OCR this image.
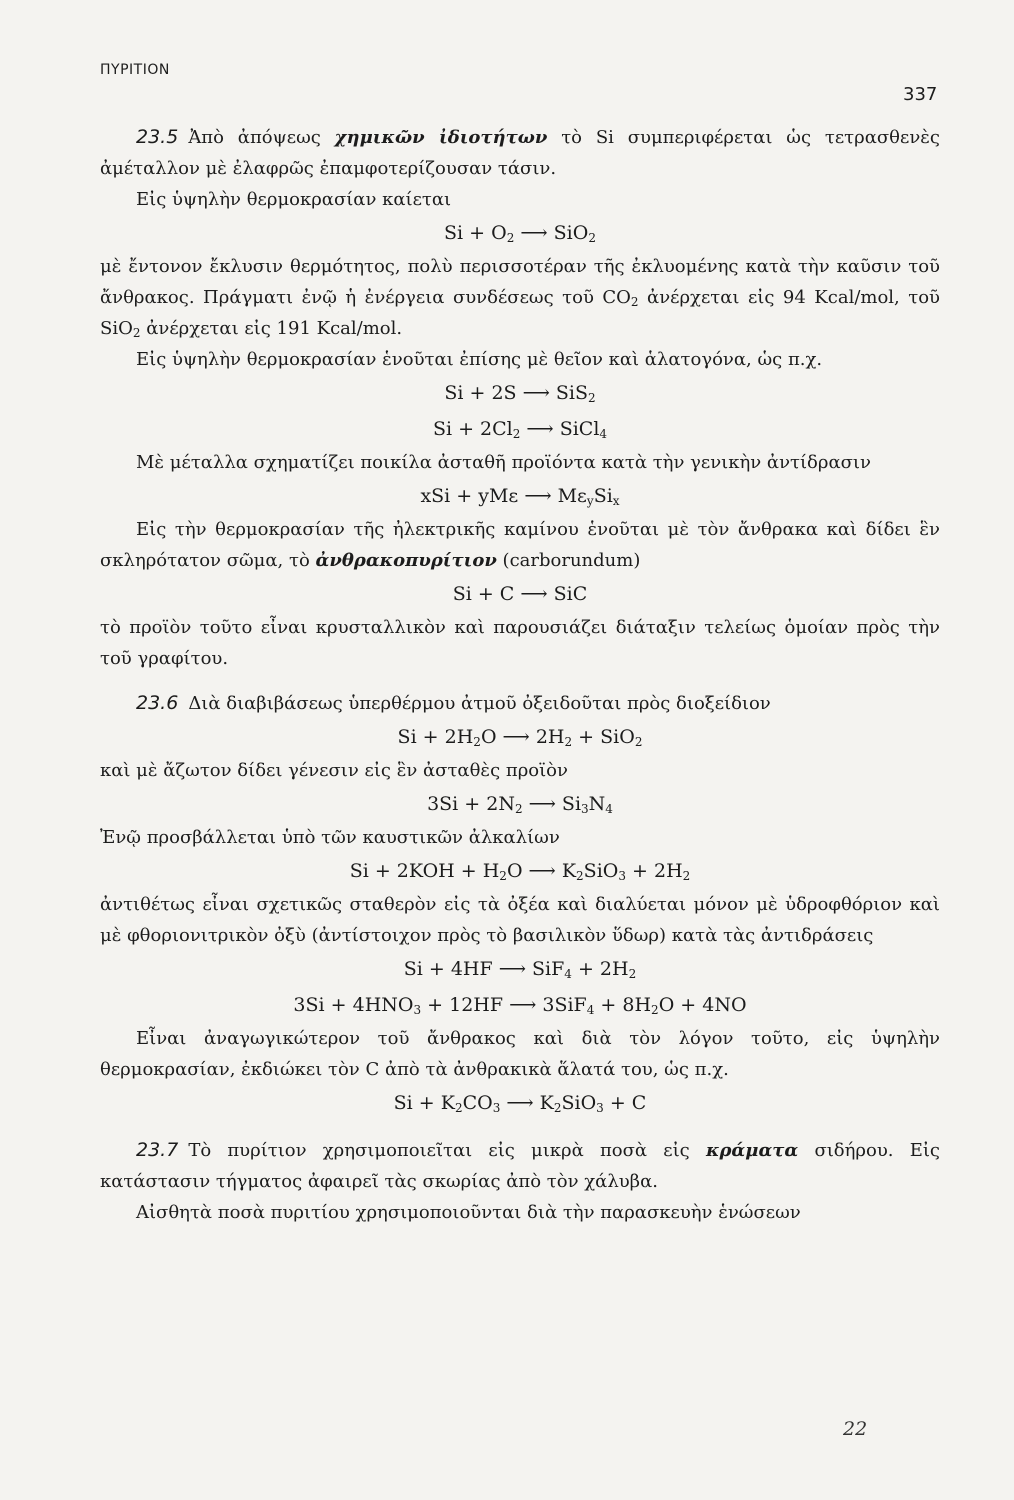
ΠΥΡΙΤΙΟΝ
337

23.5 Ἀπὸ ἀπόψεως χημικῶν ἰδιοτήτων τὸ Si συμπεριφέρεται ὡς τετρασθενὲς ἀμέταλλον μὲ ἐλαφρῶς ἐπαμφοτερίζουσαν τάσιν.

Εἰς ὑψηλὴν θερμοκρασίαν καίεται

$Si + O_2$ ⟶ SiO$_2$

μὲ ἔντονον ἔκλυσιν θερμότητος, πολὺ περισσοτέραν τῆς ἐκλυομένης κατὰ τὴν καῦσιν τοῦ ἄνθρακος. Πράγματι ἐνῷ ἡ ἐνέργεια συνδέσεως τοῦ $CO_2$ ἀνέρχεται εἰς 94 Kcal/mol, τοῦ SiO$_2$ ἀνέρχεται εἰς 191 Kcal/mol.

Εἰς ὑψηλὴν θερμοκρασίαν ἑνοῦται ἐπίσης μὲ θεῖον καὶ ἁλατογόνα, ὡς π.χ.

Si + 2S ⟶ SiS$_2$
$Si + 2Cl_2$ ⟶ SiCl$_4$

Μὲ μέταλλα σχηματίζει ποικίλα ἀσταθῆ προϊόντα κατὰ τὴν γενικὴν ἀντίδρασιν

xSi + yMε ⟶ $M\varepsilon_ySi_x$

Εἰς τὴν θερμοκρασίαν τῆς ἠλεκτρικῆς καμίνου ἑνοῦται μὲ τὸν ἄνθρακα καὶ δίδει ἓν σκληρότατον σῶμα, τὸ ἀνθρακοπυρίτιον (carborundum)

Si + C ⟶ SiC

τὸ προϊὸν τοῦτο εἶναι κρυσταλλικὸν καὶ παρουσιάζει διάταξιν τελείως ὁμοίαν πρὸς τὴν τοῦ γραφίτου.

23.6 Διὰ διαβιβάσεως ὑπερθέρμου ἀτμοῦ ὀξειδοῦται πρὸς διοξείδιον

$Si + 2H_2O$ ⟶ $2H_2 + SiO_2$

καὶ μὲ ἄζωτον δίδει γένεσιν εἰς ἓν ἀσταθὲς προϊὸν

$3Si + 2N_2$ ⟶ $Si_3N_4$

Ἐνῷ προσβάλλεται ὑπὸ τῶν καυστικῶν ἀλκαλίων

$Si + 2KOH + H_2O$ ⟶ $K_2SiO_3 + 2H_2$

ἀντιθέτως εἶναι σχετικῶς σταθερὸν εἰς τὰ ὀξέα καὶ διαλύεται μόνον μὲ ὑδροφθόριον καὶ μὲ φθοριονιτρικὸν ὀξὺ (ἀντίστοιχον πρὸς τὸ βασιλικὸν ὕδωρ) κατὰ τὰς ἀντιδράσεις

Si + 4HF ⟶ $SiF_4 + 2H_2$
$3Si + 4HNO_3 + 12HF$ ⟶ $3SiF_4 + 8H_2O + 4NO$

Εἶναι ἀναγωγικώτερον τοῦ ἄνθρακος καὶ διὰ τὸν λόγον τοῦτο, εἰς ὑψηλὴν θερμοκρασίαν, ἐκδιώκει τὸν C ἀπὸ τὰ ἀνθρακικὰ ἅλατά του, ὡς π.χ.

$Si + K_2CO_3$ ⟶ $K_2SiO_3 + C$

23.7 Τὸ πυρίτιον χρησιμοποιεῖται εἰς μικρὰ ποσὰ εἰς κράματα σιδήρου. Εἰς κατάστασιν τήγματος ἀφαιρεῖ τὰς σκωρίας ἀπὸ τὸν χάλυβα.

Αἰσθητὰ ποσὰ πυριτίου χρησιμοποιοῦνται διὰ τὴν παρασκευὴν ἑνώσεων

22
